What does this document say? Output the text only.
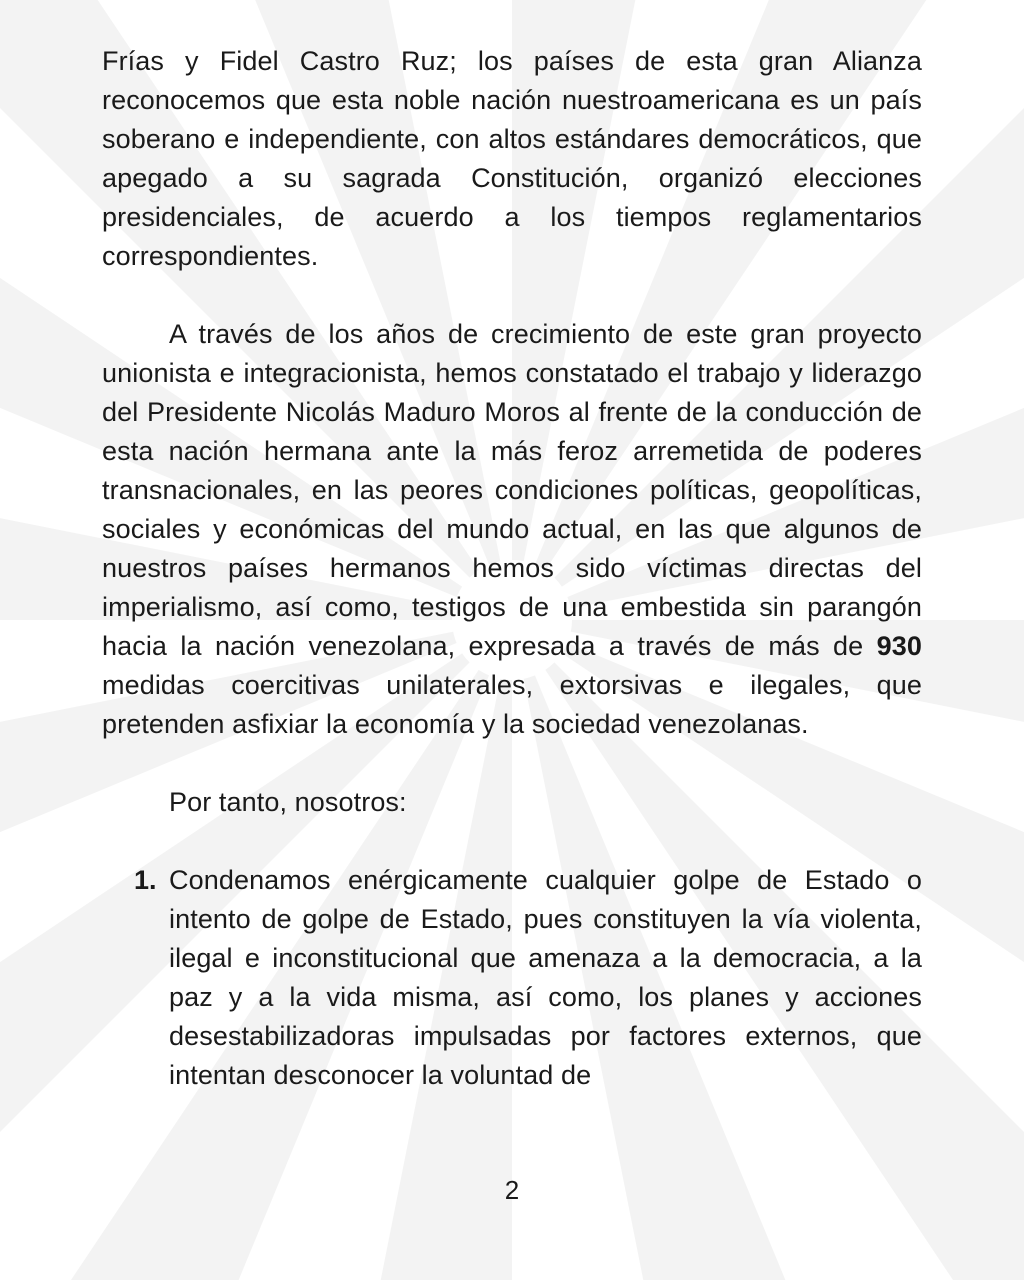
Frías y Fidel Castro Ruz; los países de esta gran Alianza reconocemos que esta noble nación nuestroamericana es un país soberano e independiente, con altos estándares democráticos, que apegado a su sagrada Constitución, organizó elecciones presidenciales, de acuerdo a los tiempos reglamentarios correspondientes.

A través de los años de crecimiento de este gran proyecto unionista e integracionista, hemos constatado el trabajo y liderazgo del Presidente Nicolás Maduro Moros al frente de la conducción de esta nación hermana ante la más feroz arremetida de poderes transnacionales, en las peores condiciones políticas, geopolíticas, sociales y económicas del mundo actual, en las que algunos de nuestros países hermanos hemos sido víctimas directas del imperialismo, así como, testigos de una embestida sin parangón hacia la nación venezolana, expresada a través de más de 930 medidas coercitivas unilaterales, extorsivas e ilegales, que pretenden asfixiar la economía y la sociedad venezolanas.

Por tanto, nosotros:

1. Condenamos enérgicamente cualquier golpe de Estado o intento de golpe de Estado, pues constituyen la vía violenta, ilegal e inconstitucional que amenaza a la democracia, a la paz y a la vida misma, así como, los planes y acciones desestabilizadoras impulsadas por factores externos, que intentan desconocer la voluntad de

2
